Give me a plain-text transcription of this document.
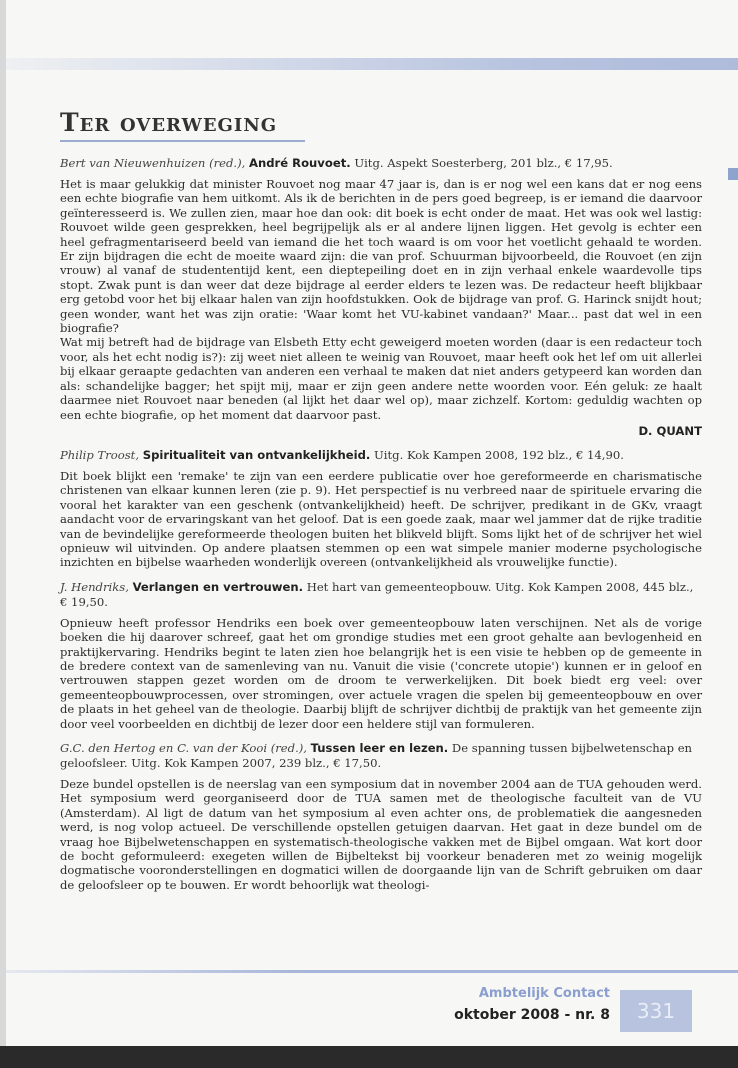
Ter overweging
Bert van Nieuwenhuizen (red.), André Rouvoet. Uitg. Aspekt Soesterberg, 201 blz., € 17,95.

Het is maar gelukkig dat minister Rouvoet nog maar 47 jaar is, dan is er nog wel een kans dat er nog eens een echte biografie van hem uitkomt. Als ik de berichten in de pers goed begreep, is er iemand die daarvoor geïnteresseerd is. We zullen zien, maar hoe dan ook: dit boek is echt onder de maat. Het was ook wel lastig: Rouvoet wilde geen gesprekken, heel begrijpelijk als er al andere lijnen liggen. Het gevolg is echter een heel gefragmentariseerd beeld van iemand die het toch waard is om voor het voetlicht gehaald te worden. Er zijn bijdragen die echt de moeite waard zijn: die van prof. Schuurman bijvoorbeeld, die Rouvoet (en zijn vrouw) al vanaf de studententijd kent, een dieptepeiling doet en in zijn verhaal enkele waardevolle tips stopt. Zwak punt is dan weer dat deze bijdrage al eerder elders te lezen was. De redacteur heeft blijkbaar erg getobd voor het bij elkaar halen van zijn hoofdstukken. Ook de bijdrage van prof. G. Harinck snijdt hout; geen wonder, want het was zijn oratie: 'Waar komt het VU-kabinet vandaan?' Maar... past dat wel in een biografie?

Wat mij betreft had de bijdrage van Elsbeth Etty echt geweigerd moeten worden (daar is een redacteur toch voor, als het echt nodig is?): zij weet niet alleen te weinig van Rouvoet, maar heeft ook het lef om uit allerlei bij elkaar geraapte gedachten van anderen een verhaal te maken dat niet anders getypeerd kan worden dan als: schandelijke bagger; het spijt mij, maar er zijn geen andere nette woorden voor. Eén geluk: ze haalt daarmee niet Rouvoet naar beneden (al lijkt het daar wel op), maar zichzelf. Kortom: geduldig wachten op een echte biografie, op het moment dat daarvoor past.

D. QUANT
Philip Troost, Spiritualiteit van ontvankelijkheid. Uitg. Kok Kampen 2008, 192 blz., € 14,90.

Dit boek blijkt een 'remake' te zijn van een eerdere publicatie over hoe gereformeerde en charismatische christenen van elkaar kunnen leren (zie p. 9). Het perspectief is nu verbreed naar de spirituele ervaring die vooral het karakter van een geschenk (ontvankelijkheid) heeft. De schrijver, predikant in de GKv, vraagt aandacht voor de ervaringskant van het geloof. Dat is een goede zaak, maar wel jammer dat de rijke traditie van de bevindelijke gereformeerde theologen buiten het blikveld blijft. Soms lijkt het of de schrijver het wiel opnieuw wil uitvinden. Op andere plaatsen stemmen op een wat simpele manier moderne psychologische inzichten en bijbelse waarheden wonderlijk overeen (ontvankelijkheid als vrouwelijke functie).

J. Hendriks, Verlangen en vertrouwen. Het hart van gemeenteopbouw. Uitg. Kok Kampen 2008, 445 blz., € 19,50.

Opnieuw heeft professor Hendriks een boek over gemeenteopbouw laten verschijnen. Net als de vorige boeken die hij daarover schreef, gaat het om grondige studies met een groot gehalte aan bevlogenheid en praktijkervaring. Hendriks begint te laten zien hoe belangrijk het is een visie te hebben op de gemeente in de bredere context van de samenleving van nu. Vanuit die visie ('concrete utopie') kunnen er in geloof en vertrouwen stappen gezet worden om de droom te verwerkelijken. Dit boek biedt erg veel: over gemeenteopbouwprocessen, over stromingen, over actuele vragen die spelen bij gemeenteopbouw en over de plaats in het geheel van de theologie. Daarbij blijft de schrijver dichtbij de praktijk van het gemeente zijn door veel voorbeelden en dichtbij de lezer door een heldere stijl van formuleren.

G.C. den Hertog en C. van der Kooi (red.), Tussen leer en lezen. De spanning tussen bijbelwetenschap en geloofsleer. Uitg. Kok Kampen 2007, 239 blz., € 17,50.

Deze bundel opstellen is de neerslag van een symposium dat in november 2004 aan de TUA gehouden werd. Het symposium werd georganiseerd door de TUA samen met de theologische faculteit van de VU (Amsterdam). Al ligt de datum van het symposium al even achter ons, de problematiek die aangesneden werd, is nog volop actueel. De verschillende opstellen getuigen daarvan. Het gaat in deze bundel om de vraag hoe Bijbelwetenschappen en systematisch-theologische vakken met de Bijbel omgaan. Wat kort door de bocht geformuleerd: exegeten willen de Bijbeltekst bij voorkeur benaderen met zo weinig mogelijk dogmatische vooronderstellingen en dogmatici willen de doorgaande lijn van de Schrift gebruiken om daar de geloofsleer op te bouwen. Er wordt behoorlijk wat theologi-

Ambtelijk Contact
oktober 2008 - nr. 8	331
